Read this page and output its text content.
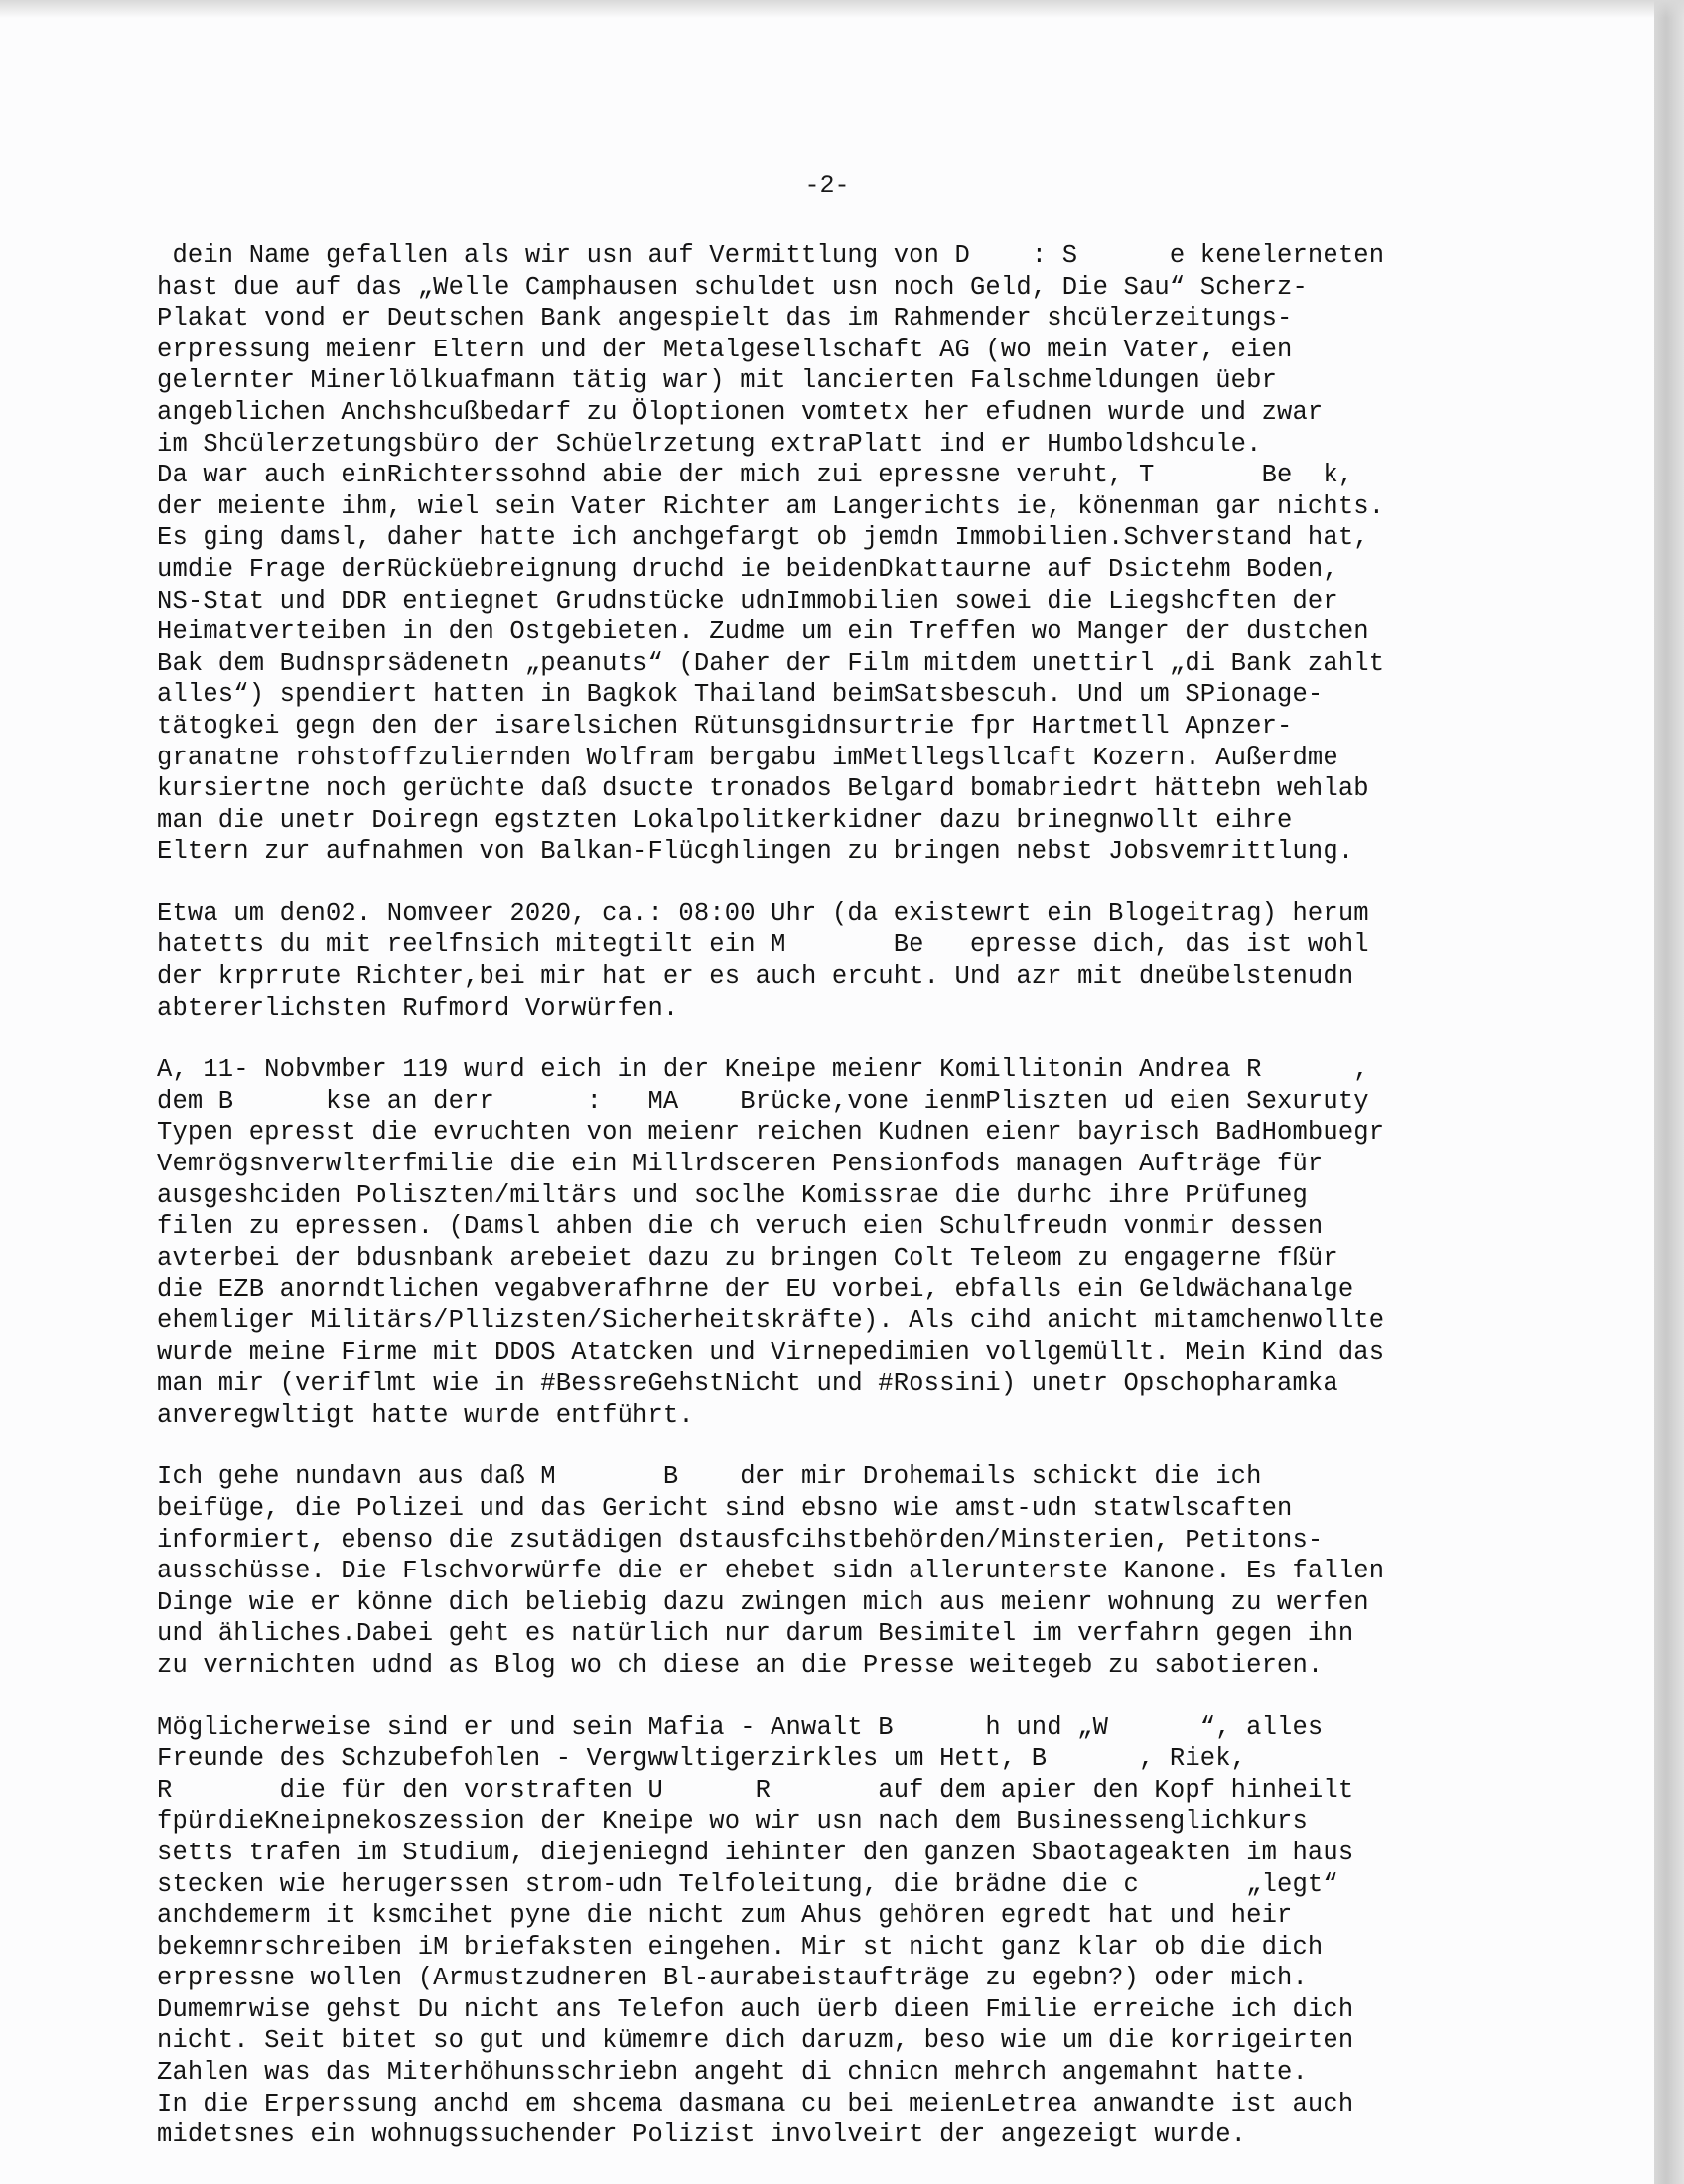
-2-
dein Name gefallen als wir usn auf Vermittlung von D    : S      e kenelerneten
hast due auf das „Welle Camphausen schuldet usn noch Geld, Die Sau“ Scherz-
Plakat vond er Deutschen Bank angespielt das im Rahmender shcülerzeitungs-
erpressung meienr Eltern und der Metalgesellschaft AG (wo mein Vater, eien
gelernter Minerlölkuafmann tätig war) mit lancierten Falschmeldungen üebr
angeblichen Anchshcußbedarf zu Öloptionen vomtetx her efudnen wurde und zwar
im Shcülerzetungsbüro der Schüelrzetung extraPlatt ind er Humboldshcule.
Da war auch einRichterssohnd abie der mich zui epressne veruht, T       Be  k,
der meiente ihm, wiel sein Vater Richter am Langerichts ie, könenman gar nichts.
Es ging damsl, daher hatte ich anchgefargt ob jemdn Immobilien.Schverstand hat,
umdie Frage derRücküebreignung druchd ie beidenDkattaurne auf Dsictehm Boden,
NS-Stat und DDR entiegnet Grudnstücke udnImmobilien sowei die Liegshcften der
Heimatverteiben in den Ostgebieten. Zudme um ein Treffen wo Manger der dustchen
Bak dem Budnsprsädenetn „peanuts“ (Daher der Film mitdem unettirl „di Bank zahlt
alles“) spendiert hatten in Bagkok Thailand beimSatsbescuh. Und um SPionage-
tätogkei gegn den der isarelsichen Rütunsgidnsurtrie fpr Hartmetll Apnzer-
granatne rohstoffzuliernden Wolfram bergabu imMetllegsllcaft Kozern. Außerdme
kursiertne noch gerüchte daß dsucte tronados Belgard bomabriedrt hättebn wehlab
man die unetr Doiregn egstzten Lokalpolitkerkidner dazu brinegnwollt eihre
Eltern zur aufnahmen von Balkan-Flücghlingen zu bringen nebst Jobsvemrittlung.
Etwa um den02. Nomveer 2020, ca.: 08:00 Uhr (da existewrt ein Blogeitrag) herum
hatetts du mit reelfnsich mitegtilt ein M       Be   epresse dich, das ist wohl
der krprrute Richter,bei mir hat er es auch ercuht. Und azr mit dneübelstenudn
abtererlichsten Rufmord Vorwürfen.
A, 11- Nobvmber 119 wurd eich in der Kneipe meienr Komillitonin Andrea R      ,
dem B      kse an derr      :   MA    Brücke,vone ienmPliszten ud eien Sexuruty
Typen epresst die evruchten von meienr reichen Kudnen eienr bayrisch BadHombuegr
Vemrögsnverwlterfmilie die ein Millrdsceren Pensionfods managen Aufträge für
ausgeshciden Poliszten/miltärs und soclhe Komissrae die durhc ihre Prüfuneg
filen zu epressen. (Damsl ahben die ch veruch eien Schulfreudn vonmir dessen
avterbei der bdusnbank arebeiet dazu zu bringen Colt Teleom zu engagerne fßür
die EZB anorndtlichen vegabverafhrne der EU vorbei, ebfalls ein Geldwächanalge
ehemliger Militärs/Pllizsten/Sicherheitskräfte). Als cihd anicht mitamchenwollte
wurde meine Firme mit DDOS Atatcken und Virnepedimien vollgemüllt. Mein Kind das
man mir (veriflmt wie in #BessreGehstNicht und #Rossini) unetr Opschopharamka
anveregwltigt hatte wurde entführt.
Ich gehe nundavn aus daß M       B    der mir Drohemails schickt die ich
beifüge, die Polizei und das Gericht sind ebsno wie amst-udn statwlscaften
informiert, ebenso die zsutädigen dstausfcihstbehörden/Minsterien, Petitons-
ausschüsse. Die Flschvorwürfe die er ehebet sidn allerunterste Kanone. Es fallen
Dinge wie er könne dich beliebig dazu zwingen mich aus meienr wohnung zu werfen
und ähliches.Dabei geht es natürlich nur darum Besimitel im verfahrn gegen ihn
zu vernichten udnd as Blog wo ch diese an die Presse weitegeb zu sabotieren.
Möglicherweise sind er und sein Mafia - Anwalt B      h und „W      “, alles
Freunde des Schzubefohlen - Vergwwltigerzirkles um Hett, B      , Riek,
R       die für den vorstraften U      R       auf dem apier den Kopf hinheilt
fpürdieKneipnekoszession der Kneipe wo wir usn nach dem Businessenglichkurs
setts trafen im Studium, diejeniegnd iehinter den ganzen Sbaotageakten im haus
stecken wie herugerssen strom-udn Telfoleitung, die brädne die c       „legt“
anchdemerm it ksmcihet pyne die nicht zum Ahus gehören egredt hat und heir
bekemnrschreiben iM briefaksten eingehen. Mir st nicht ganz klar ob die dich
erpressne wollen (Armustzudneren Bl-aurabeistaufträge zu egebn?) oder mich.
Dumemrwise gehst Du nicht ans Telefon auch üerb dieen Fmilie erreiche ich dich
nicht. Seit bitet so gut und kümemre dich daruzm, beso wie um die korrigeirten
Zahlen was das Miterhöhunsschriebn angeht di chnicn mehrch angemahnt hatte.
In die Erperssung anchd em shcema dasmana cu bei meienLetrea anwandte ist auch
midetsnes ein wohnugssuchender Polizist involveirt der angezeigt wurde.
